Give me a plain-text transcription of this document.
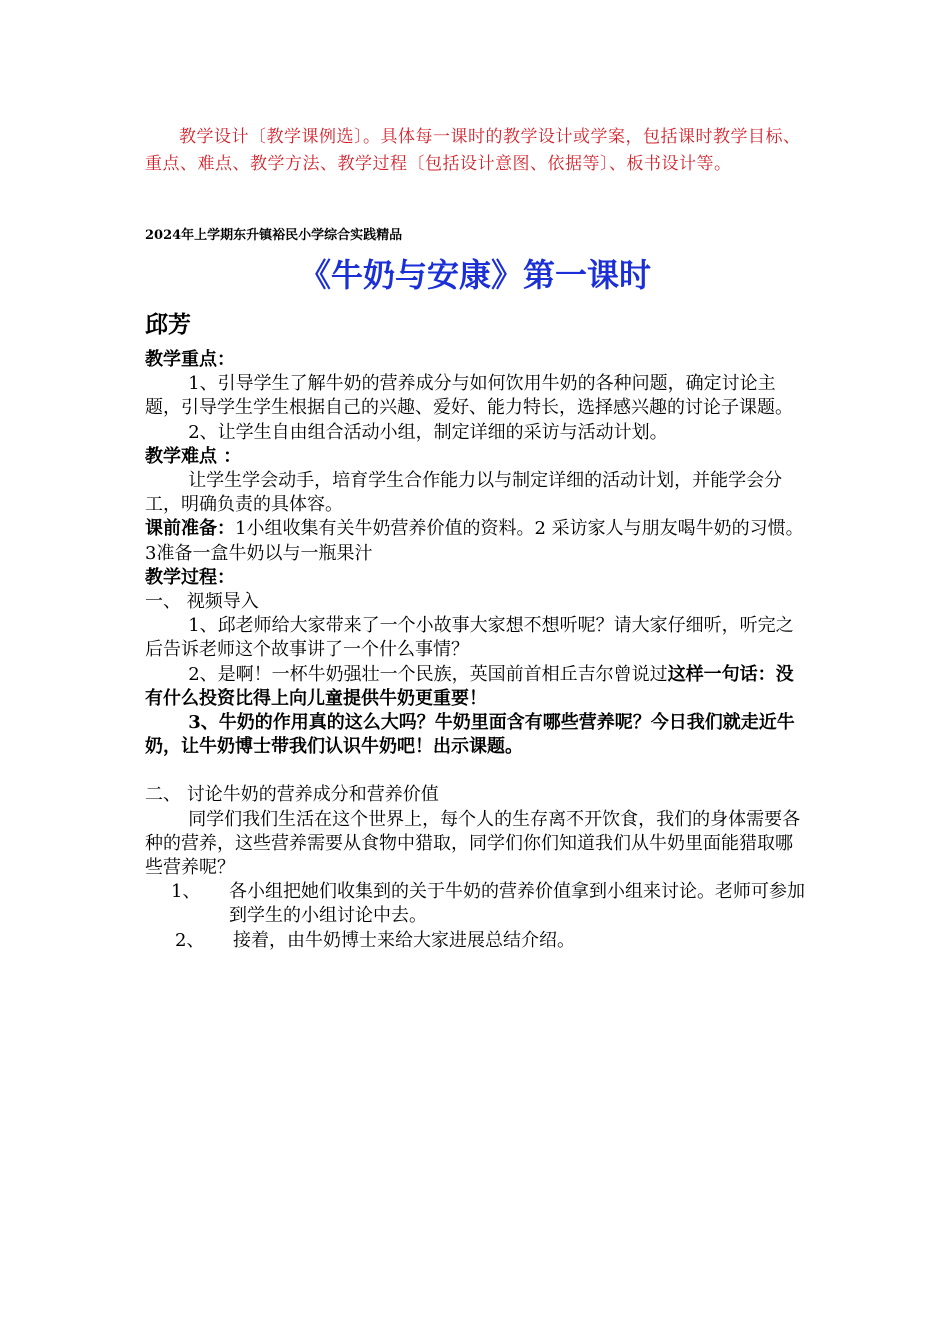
教学设计〔教学课例选〕。具体每一课时的教学设计或学案，包括课时教学目标、重点、难点、教学方法、教学过程〔包括设计意图、依据等〕、板书设计等。
2024年上学期东升镇裕民小学综合实践精品
《牛奶与安康》第一课时
邱芳

教学重点：

1、引导学生了解牛奶的营养成分与如何饮用牛奶的各种问题，确定讨论主题，引导学生学生根据自己的兴趣、爱好、能力特长，选择感兴趣的讨论子课题。

2、让学生自由组合活动小组，制定详细的采访与活动计划。

教学难点 ：

让学生学会动手，培育学生合作能力以与制定详细的活动计划，并能学会分工，明确负责的具体容。

课前准备：1小组收集有关牛奶营养价值的资料。2 采访家人与朋友喝牛奶的习惯。3准备一盒牛奶以与一瓶果汁

教学过程：

一、 视频导入

1、邱老师给大家带来了一个小故事大家想不想听呢？请大家仔细听，听完之后告诉老师这个故事讲了一个什么事情？

2、是啊！一杯牛奶强壮一个民族，英国前首相丘吉尔曾说过这样一句话：没有什么投资比得上向儿童提供牛奶更重要！

3、牛奶的作用真的这么大吗？牛奶里面含有哪些营养呢？今日我们就走近牛奶，让牛奶博士带我们认识牛奶吧！出示课题。

二、 讨论牛奶的营养成分和营养价值

同学们我们生活在这个世界上，每个人的生存离不开饮食，我们的身体需要各种的营养，这些营养需要从食物中猎取，同学们你们知道我们从牛奶里面能猎取哪些营养呢？

1、	各小组把她们收集到的关于牛奶的营养价值拿到小组来讨论。老师可参加到学生的小组讨论中去。
2、	接着，由牛奶博士来给大家进展总结介绍。
